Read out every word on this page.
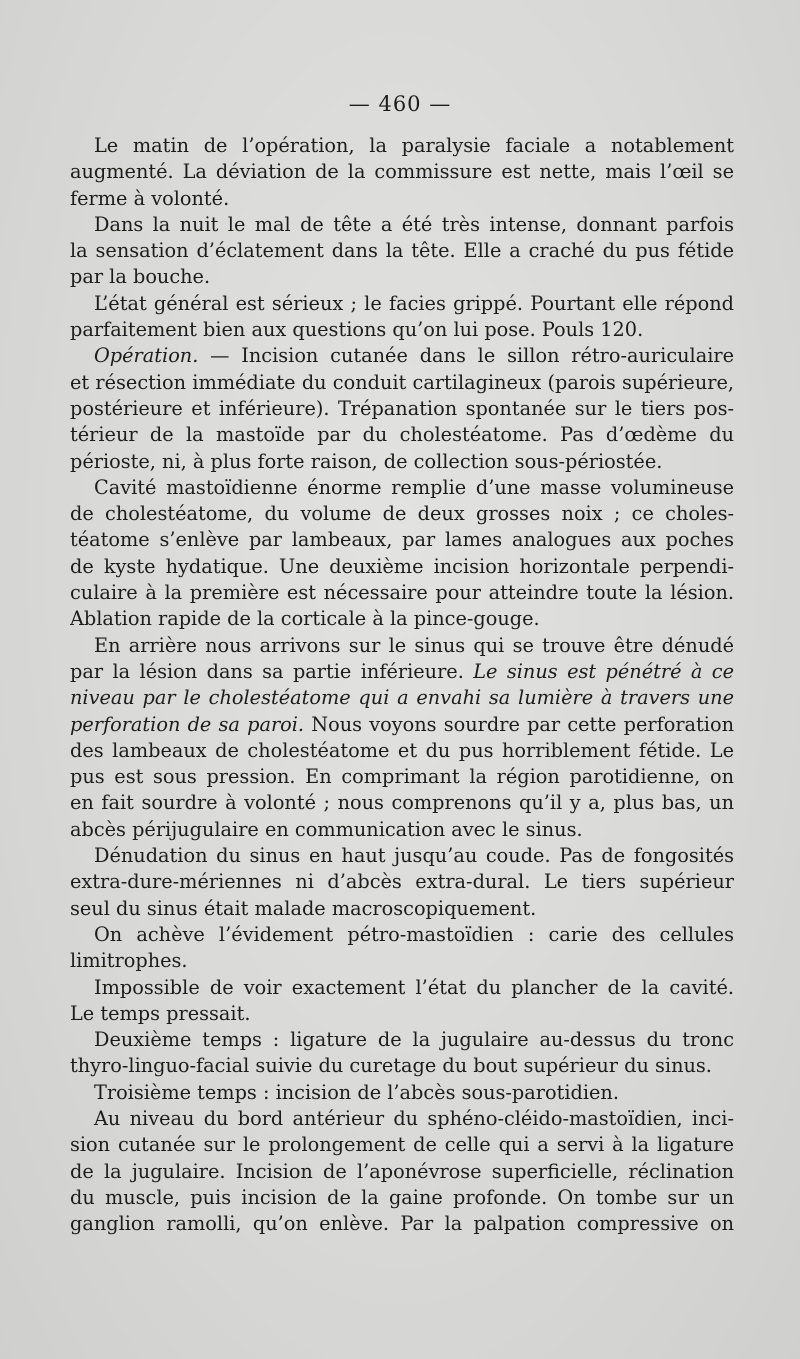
— 460 —
Le matin de l’opération, la paralysie faciale a notablement
augmenté. La déviation de la commissure est nette, mais l’œil se
ferme à volonté.
Dans la nuit le mal de tête a été très intense, donnant parfois
la sensation d’éclatement dans la tête. Elle a craché du pus fétide
par la bouche.
L’état général est sérieux ; le facies grippé. Pourtant elle répond
parfaitement bien aux questions qu’on lui pose. Pouls 120.
Opération. — Incision cutanée dans le sillon rétro-auriculaire
et résection immédiate du conduit cartilagineux (parois supérieure,
postérieure et inférieure). Trépanation spontanée sur le tiers pos-
térieur de la mastoïde par du cholestéatome. Pas d’œdème du
périoste, ni, à plus forte raison, de collection sous-périostée.
Cavité mastoïdienne énorme remplie d’une masse volumineuse
de cholestéatome, du volume de deux grosses noix ; ce choles-
téatome s’enlève par lambeaux, par lames analogues aux poches
de kyste hydatique. Une deuxième incision horizontale perpendi-
culaire à la première est nécessaire pour atteindre toute la lésion.
Ablation rapide de la corticale à la pince-gouge.
En arrière nous arrivons sur le sinus qui se trouve être dénudé
par la lésion dans sa partie inférieure. Le sinus est pénétré à ce
niveau par le cholestéatome qui a envahi sa lumière à travers une
perforation de sa paroi. Nous voyons sourdre par cette perforation
des lambeaux de cholestéatome et du pus horriblement fétide. Le
pus est sous pression. En comprimant la région parotidienne, on
en fait sourdre à volonté ; nous comprenons qu’il y a, plus bas, un
abcès périjugulaire en communication avec le sinus.
Dénudation du sinus en haut jusqu’au coude. Pas de fongosités
extra-dure-mériennes ni d’abcès extra-dural. Le tiers supérieur
seul du sinus était malade macroscopiquement.
On achève l’évidement pétro-mastoïdien : carie des cellules
limitrophes.
Impossible de voir exactement l’état du plancher de la cavité.
Le temps pressait.
Deuxième temps : ligature de la jugulaire au-dessus du tronc
thyro-linguo-facial suivie du curetage du bout supérieur du sinus.
Troisième temps : incision de l’abcès sous-parotidien.
Au niveau du bord antérieur du sphéno-cléido-mastoïdien, inci-
sion cutanée sur le prolongement de celle qui a servi à la ligature
de la jugulaire. Incision de l’aponévrose superficielle, réclination
du muscle, puis incision de la gaine profonde. On tombe sur un
ganglion ramolli, qu’on enlève. Par la palpation compressive on
